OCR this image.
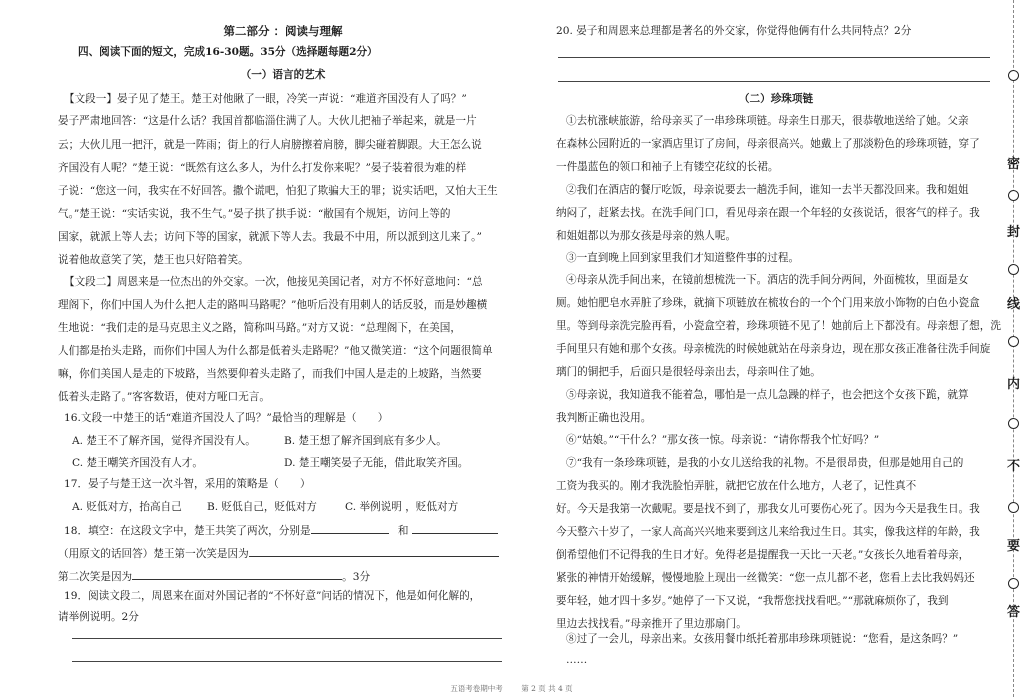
第二部分 ：阅读与理解
四、阅读下面的短文，完成16-30题。35分（选择题每题2分）
（一）语言的艺术
【文段一】晏子见了楚王。楚王对他瞅了一眼，冷笑一声说：“难道齐国没有人了吗？”
晏子严肃地回答：“这是什么话？我国首都临淄住满了人。大伙儿把袖子举起来，就是一片
云；大伙儿甩一把汗，就是一阵雨；街上的行人肩膀擦着肩膀，脚尖碰着脚跟。大王怎么说
齐国没有人呢？”楚王说：“既然有这么多人，为什么打发你来呢？”晏子装着很为难的样
子说：“您这一问，我实在不好回答。撒个谎吧，怕犯了欺骗大王的罪；说实话吧，又怕大王生
气。”楚王说：“实话实说，我不生气。”晏子拱了拱手说：“敝国有个规矩，访问上等的
国家，就派上等人去；访问下等的国家，就派下等人去。我最不中用，所以派到这儿来了。”
说着他故意笑了笑，楚王也只好陪着笑。
【文段二】周恩来是一位杰出的外交家。一次，他接见美国记者，对方不怀好意地问：“总
理阁下，你们中国人为什么把人走的路叫马路呢？”他听后没有用刺人的话反驳，而是妙趣横
生地说：“我们走的是马克思主义之路，简称叫马路。”对方又说：“总理阁下，在美国，
人们都是抬头走路，而你们中国人为什么都是低着头走路呢？”他又微笑道：“这个问题很简单
嘛，你们美国人是走的下坡路，当然要仰着头走路了，而我们中国人是走的上坡路，当然要
低着头走路了。”客客数语，使对方哑口无言。
16.文段一中楚王的话“难道齐国没人了吗？”最恰当的理解是（　　）
A. 楚王不了解齐国，觉得齐国没有人。	B. 楚王想了解齐国到底有多少人。
C. 楚王嘲笑齐国没有人才。	D. 楚王嘲笑晏子无能，借此取笑齐国。
17．晏子与楚王这一次斗智，采用的策略是（　　）
A. 贬低对方，抬高自己 B. 贬低自己，贬低对方	C. 举例说明 ，贬低对方
18．填空：在这段文字中，楚王共笑了两次，分别是	和
（用原文的话回答）楚王第一次笑是因为
第二次笑是因为	。3分
19．阅读文段二，周恩来在面对外国记者的“不怀好意”问话的情况下，他是如何化解的，
请举例说明。2分
20. 晏子和周恩来总理都是著名的外交家，你觉得他俩有什么共同特点？2分
（二）珍珠项链
①去杭涨峡旅游，给母亲买了一串珍珠项链。母亲生日那天，很恭敬地送给了她。父亲
在森林公园附近的一家酒店里订了房间，母亲很高兴。她戴上了那淡粉色的珍珠项链，穿了
一件墨蓝色的领口和袖子上有镂空花纹的长裙。
②我们在酒店的餐厅吃饭，母亲说要去一趟洗手间，谁知一去半天都没回来。我和姐姐
纳闷了，赶紧去找。在洗手间门口，看见母亲在跟一个年轻的女孩说话，很客气的样子。我
和姐姐都以为那女孩是母亲的熟人呢。
③一直到晚上回到家里我们才知道整件事的过程。
④母亲从洗手间出来，在镜前想梳洗一下。酒店的洗手间分两间，外面梳妆，里面是女
厕。她怕肥皂水弄脏了珍珠，就摘下项链放在梳妆台的一个个门用来放小饰物的白色小瓷盒
里。等到母亲洗完脸再看，小瓷盒空着，珍珠项链不见了！她前后上下都没有。母亲想了想，洗
手间里只有她和那个女孩。母亲梳洗的时候她就站在母亲身边，现在那女孩正准备往洗手间旋
璃门的铜把手，后面只是很轻母亲出去，母亲叫住了她。
⑤母亲说，我知道我不能着急，哪怕是一点儿急躁的样子，也会把这个女孩下跪，就算
我判断正确也没用。
⑥“姑娘。”“干什么？”那女孩一惊。母亲说：“请你帮我个忙好吗？”
⑦“我有一条珍珠项链，是我的小女儿送给我的礼物。不是很昂贵，但那是她用自己的
工资为我买的。刚才我洗脸怕弄脏，就把它放在什么地方，人老了，记性真不
好。今天是我第一次戴呢。要是找不到了，那我女儿可要伤心死了。因为今天是我生日。我
今天整六十岁了，一家人高高兴兴地来要到这儿来给我过生日。其实，像我这样的年龄，我
倒希望他们不记得我的生日才好。免得老是提醒我一天比一天老。”女孩长久地看着母亲，
紧张的神情开始缓解，慢慢地脸上现出一丝微笑：“您一点儿都不老，您看上去比我妈妈还
要年轻，她才四十多岁。”她停了一下又说，“我帮您找找看吧。”“那就麻烦你了，我到
里边去找找看。”母亲推开了里边那扇门。
⑧过了一会儿，母亲出来。女孩用餐巾纸托着那串珍珠项链说：“您看，是这条吗？”
……
密
封
线
内
不
要
答
五语考卷期中考 第 2 页 共 4 页
